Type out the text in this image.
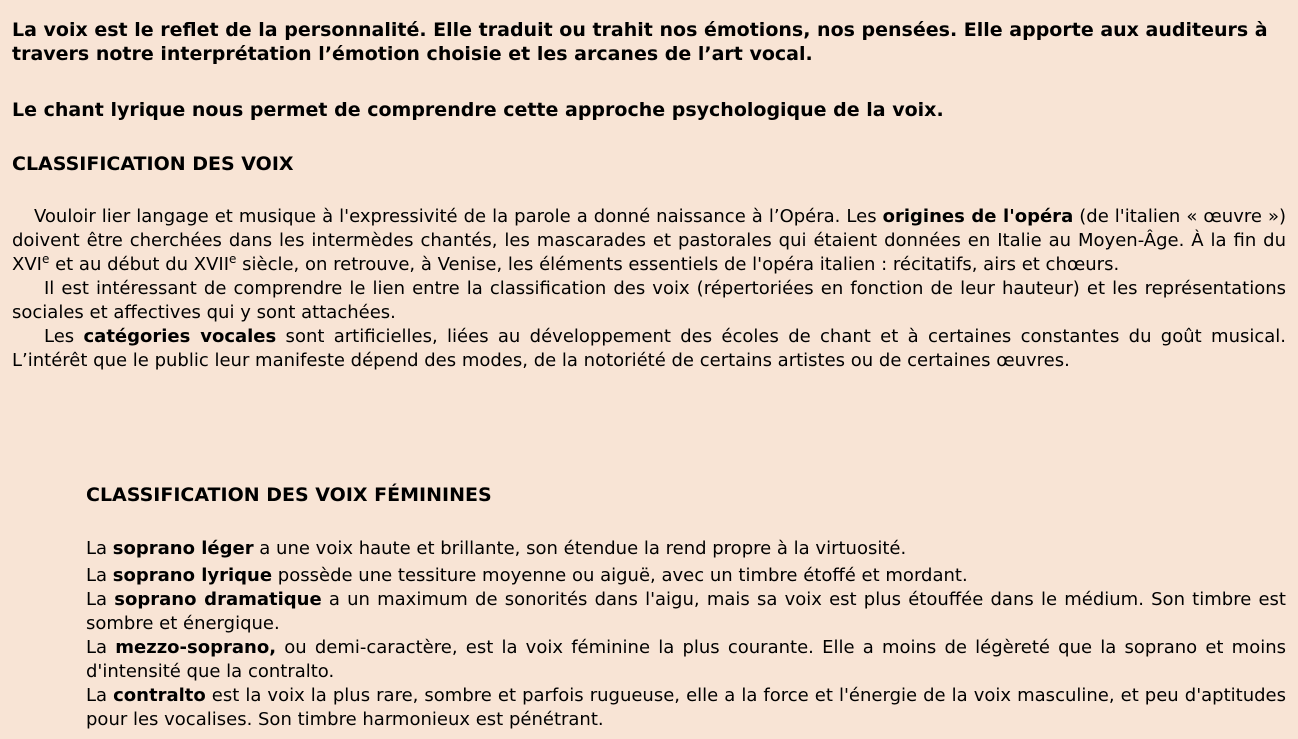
La voix est le reflet de la personnalité. Elle traduit ou trahit nos émotions, nos pensées. Elle apporte aux auditeurs à travers notre interprétation l’émotion choisie et les arcanes de l’art vocal.
Le chant lyrique nous permet de comprendre cette approche psychologique de la voix.
CLASSIFICATION DES VOIX

Vouloir lier langage et musique à l'expressivité de la parole a donné naissance à l’Opéra. Les origines de l'opéra (de l'italien « œuvre ») doivent être cherchées dans les intermèdes chantés, les mascarades et pastorales qui étaient données en Italie au Moyen-Âge. À la fin du XVIe et au début du XVIIe siècle, on retrouve, à Venise, les éléments essentiels de l'opéra italien : récitatifs, airs et chœurs.

Il est intéressant de comprendre le lien entre la classification des voix (répertoriées en fonction de leur hauteur) et les représentations sociales et affectives qui y sont attachées.

Les catégories vocales sont artificielles, liées au développement des écoles de chant et à certaines constantes du goût musical. L’intérêt que le public leur manifeste dépend des modes, de la notoriété de certains artistes ou de certaines œuvres.

CLASSIFICATION DES VOIX FÉMININES

La soprano léger a une voix haute et brillante, son étendue la rend propre à la virtuosité.

La soprano lyrique possède une tessiture moyenne ou aiguë, avec un timbre étoffé et mordant.

La soprano dramatique a un maximum de sonorités dans l'aigu, mais sa voix est plus étouffée dans le médium. Son timbre est sombre et énergique.

La mezzo-soprano, ou demi-caractère, est la voix féminine la plus courante. Elle a moins de légèreté que la soprano et moins d'intensité que la contralto.

La contralto est la voix la plus rare, sombre et parfois rugueuse, elle a la force et l'énergie de la voix masculine, et peu d'aptitudes pour les vocalises. Son timbre harmonieux est pénétrant.
